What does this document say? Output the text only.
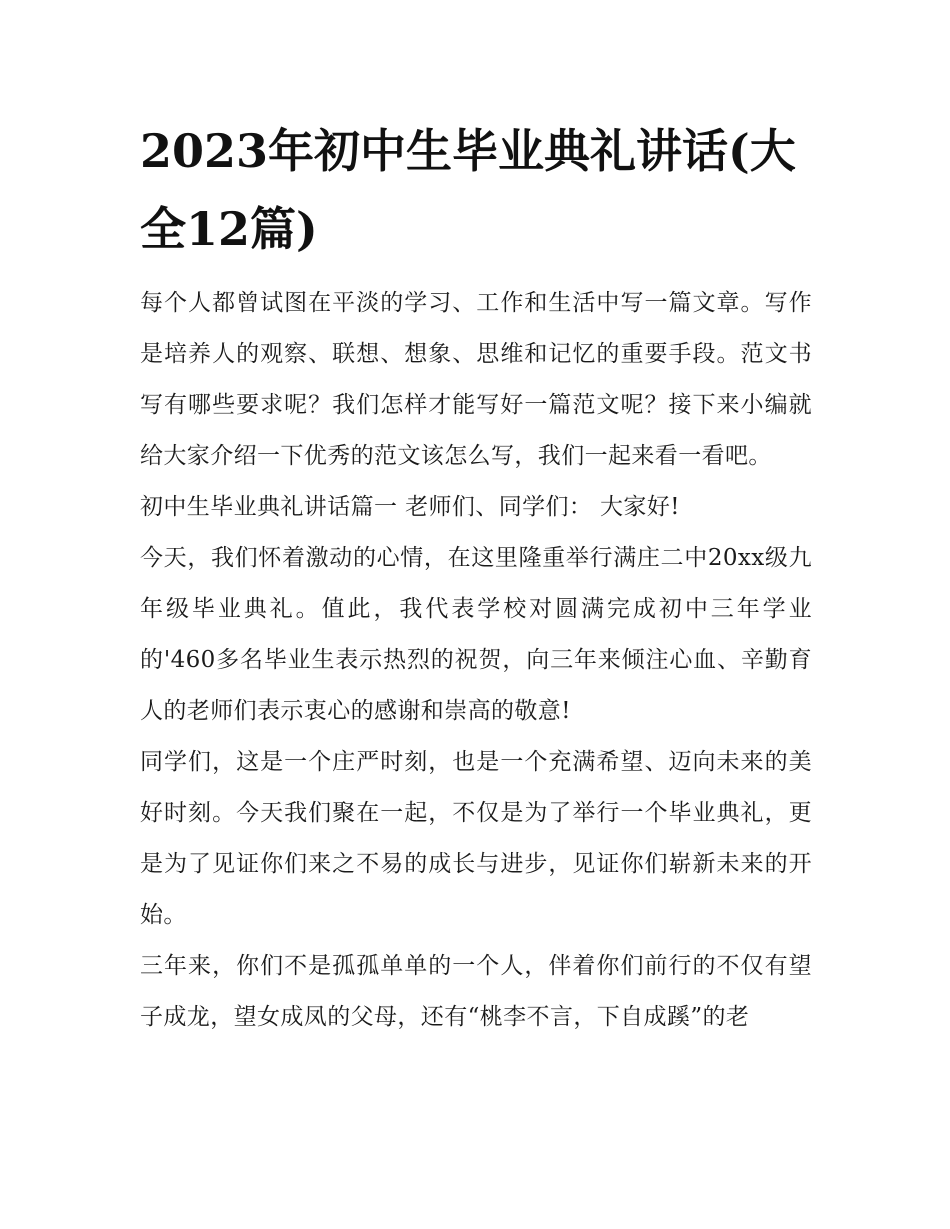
2023年初中生毕业典礼讲话(大全12篇)

每个人都曾试图在平淡的学习、工作和生活中写一篇文章。写作是培养人的观察、联想、想象、思维和记忆的重要手段。范文书写有哪些要求呢？我们怎样才能写好一篇范文呢？接下来小编就给大家介绍一下优秀的范文该怎么写，我们一起来看一看吧。

初中生毕业典礼讲话篇一 老师们、同学们： 大家好!

今天，我们怀着激动的心情，在这里隆重举行满庄二中20xx级九年级毕业典礼。值此，我代表学校对圆满完成初中三年学业的'460多名毕业生表示热烈的祝贺，向三年来倾注心血、辛勤育人的老师们表示衷心的感谢和崇高的敬意!

同学们，这是一个庄严时刻，也是一个充满希望、迈向未来的美好时刻。今天我们聚在一起，不仅是为了举行一个毕业典礼，更是为了见证你们来之不易的成长与进步，见证你们崭新未来的开始。

三年来，你们不是孤孤单单的一个人，伴着你们前行的不仅有望子成龙，望女成凤的父母，还有“桃李不言，下自成蹊”的老
